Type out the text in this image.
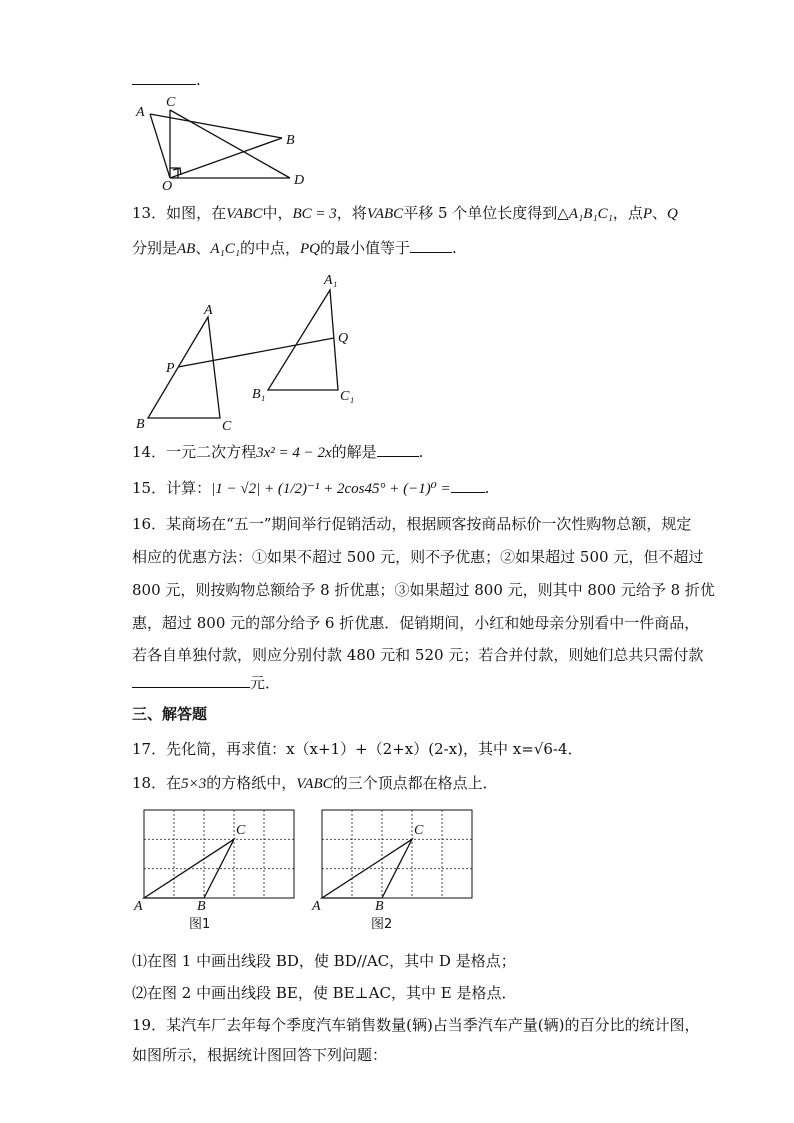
.
A
C
B
O	D
13．如图，在VABC中，BC = 3，将VABC平移 5 个单位长度得到△A₁B₁C₁，点P、Q
分别是AB、A₁C₁的中点，PQ的最小值等于	.
A
P
B	C
A₁
Q
B₁	C₁
14．一元二次方程3x² = 4 − 2x的解是	.
15．计算：|1 − √2| + (1/2)⁻¹ + 2cos45° + (−1)⁰ = .
16．某商场在“五一”期间举行促销活动，根据顾客按商品标价一次性购物总额，规定
相应的优惠方法：①如果不超过 500 元，则不予优惠；②如果超过 500 元，但不超过
800 元，则按购物总额给予 8 折优惠；③如果超过 800 元，则其中 800 元给予 8 折优
惠，超过 800 元的部分给予 6 折优惠．促销期间，小红和她母亲分别看中一件商品，
若各自单独付款，则应分别付款 480 元和 520 元；若合并付款，则她们总共只需付款
元．
三、解答题
17．先化简，再求值：x（x+1）+（2+x）(2-x)，其中 x=√6-4．
18．在5×3的方格纸中，VABC的三个顶点都在格点上．
A	B
C
图1
A	B
C
图2
⑴在图 1 中画出线段 BD，使 BD//AC，其中 D 是格点；
⑵在图 2 中画出线段 BE，使 BE⊥AC，其中 E 是格点．
19．某汽车厂去年每个季度汽车销售数量(辆)占当季汽车产量(辆)的百分比的统计图，
如图所示，根据统计图回答下列问题：
